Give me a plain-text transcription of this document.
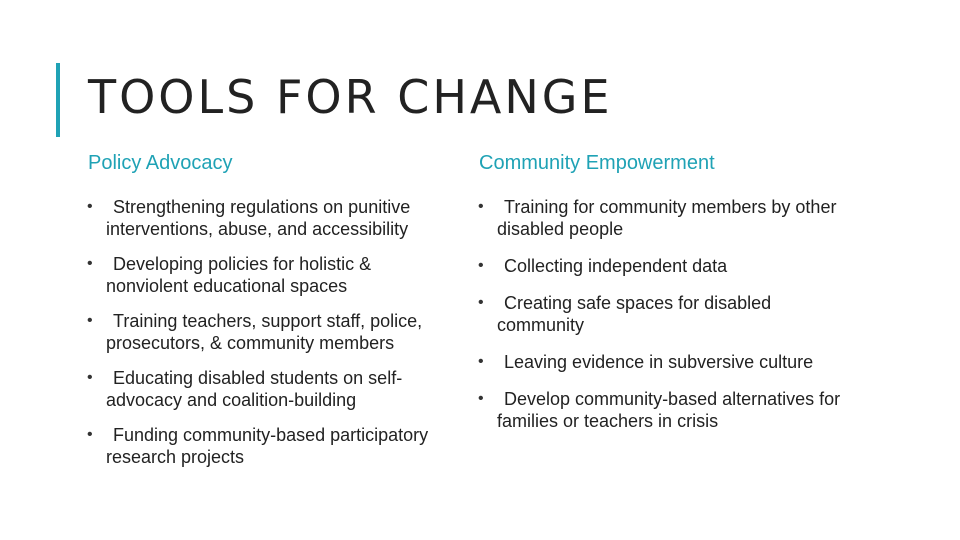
TOOLS FOR CHANGE
Policy Advocacy
• Strengthening regulations on punitive interventions, abuse, and accessibility
• Developing policies for holistic & nonviolent educational spaces
• Training teachers, support staff, police, prosecutors, & community members
• Educating disabled students on self-advocacy and coalition-building
• Funding community-based participatory research projects
Community Empowerment
• Training for community members by other disabled people
• Collecting independent data
• Creating safe spaces for disabled community
• Leaving evidence in subversive culture
• Develop community-based alternatives for families or teachers in crisis
